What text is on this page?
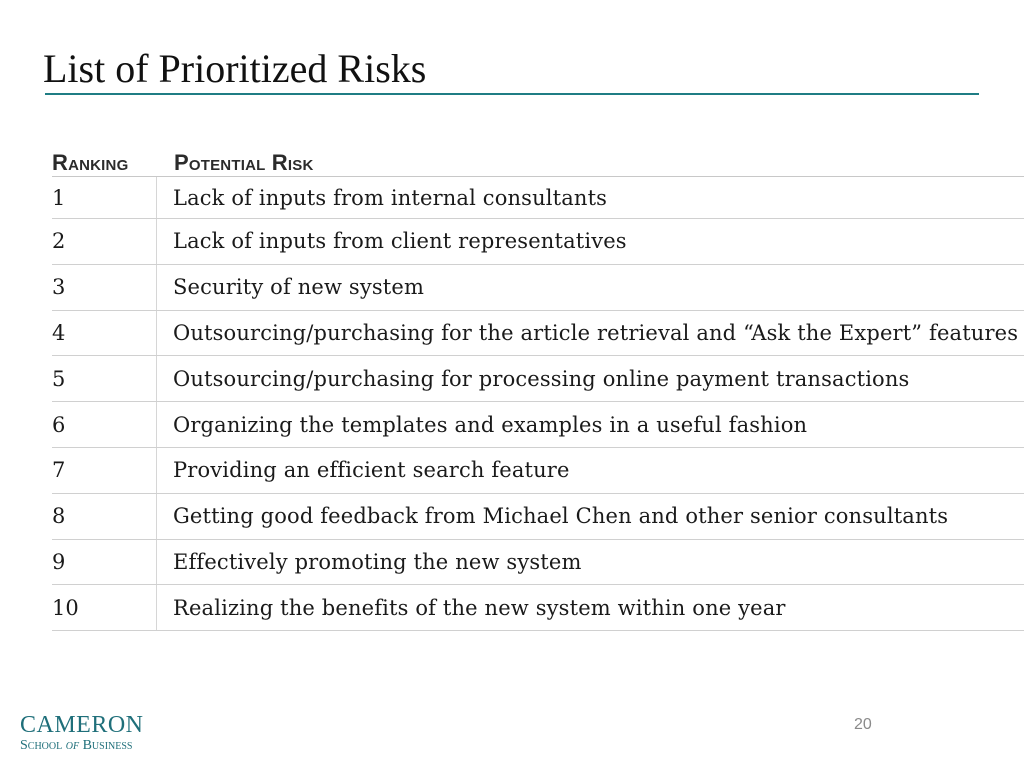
List of Prioritized Risks
Ranking	Potential Risk
1	Lack of inputs from internal consultants
2	Lack of inputs from client representatives
3	Security of new system
4	Outsourcing/purchasing for the article retrieval and “Ask the Expert” features
5	Outsourcing/purchasing for processing online payment transactions
6	Organizing the templates and examples in a useful fashion
7	Providing an efficient search feature
8	Getting good feedback from Michael Chen and other senior consultants
9	Effectively promoting the new system
10	Realizing the benefits of the new system within one year
CAMERON
School of Business
20
